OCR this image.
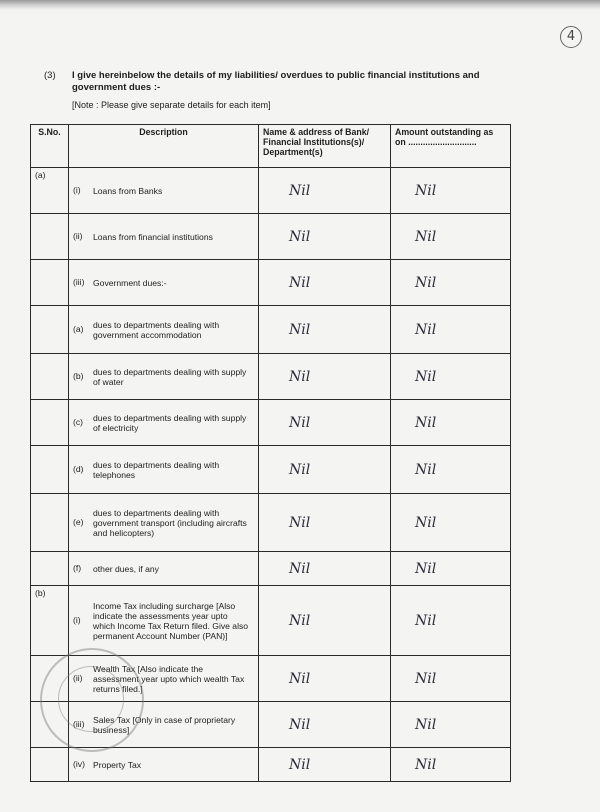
4
(3) I give hereinbelow the details of my liabilities/ overdues to public financial institutions and government dues :-
[Note : Please give separate details for each item]
S.No.	Description	Name & address of Bank/ Financial Institutions(s)/ Department(s)	Amount outstanding as on ............................	
(a)	(i) Loans from Banks	Nil	Nil	
	(ii) Loans from financial institutions	Nil	Nil	
	(iii) Government dues:-	Nil	Nil	
	(a) dues to departments dealing with government accommodation	Nil	Nil	
	(b) dues to departments dealing with supply of water	Nil	Nil	
	(c) dues to departments dealing with supply of electricity	Nil	Nil	
	(d) dues to departments dealing with telephones	Nil	Nil	
	(e)dues to departments dealing with government transport (including aircrafts and helicopters)	Nil	Nil	
	(f) other dues, if any	Nil	Nil	
(b)	(i)Income Tax including surcharge [Also indicate the assessments year upto which Income Tax Return filed. Give also permanent Account Number (PAN)]	Nil	Nil	
	(ii)Wealth Tax [Also indicate the assessment year upto which wealth Tax returns filed.]	Nil	Nil	
	(iii) Sales Tax [Only in case of proprietary business]	Nil	Nil	
	(iv) Property Tax	Nil	Nil	
